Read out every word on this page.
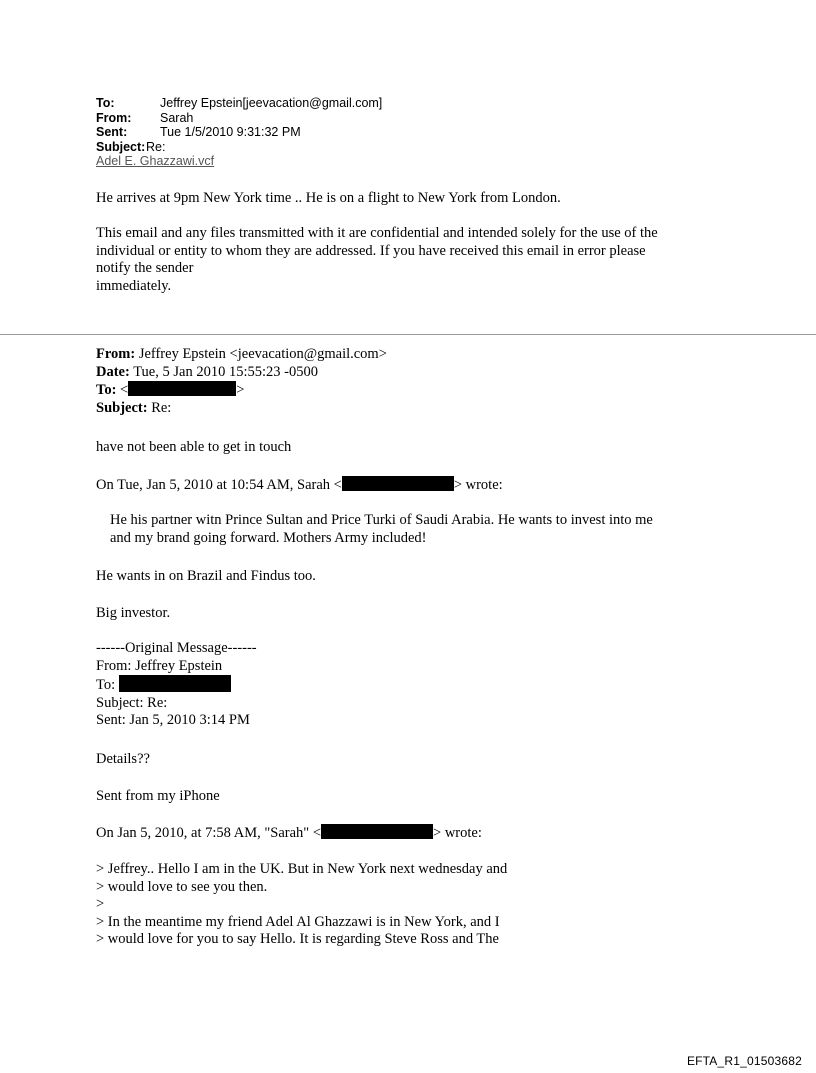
To:	Jeffrey Epstein[jeevacation@gmail.com]
From:	Sarah
Sent:	Tue 1/5/2010 9:31:32 PM
Subject: Re:
Adel E. Ghazzawi.vcf
He arrives at 9pm New York time .. He is on a flight to New York from London.
This email and any files transmitted with it are confidential and intended solely for the use of the
individual or entity to whom they are addressed. If you have received this email in error please
notify the sender
immediately.
From: Jeffrey Epstein <jeevacation@gmail.com>
Date: Tue, 5 Jan 2010 15:55:23 -0500
To: <	>
Subject: Re:
have not been able to get in touch
On Tue, Jan 5, 2010 at 10:54 AM, Sarah <	> wrote:
He his partner witn Prince Sultan and Price Turki of Saudi Arabia. He wants to invest into me
and my brand going forward. Mothers Army included!
He wants in on Brazil and Findus too.
Big investor.
------Original Message------
From: Jeffrey Epstein
To:
Subject: Re:
Sent: Jan 5, 2010 3:14 PM
Details??
Sent from my iPhone
On Jan 5, 2010, at 7:58 AM, "Sarah" <	> wrote:
> Jeffrey.. Hello I am in the UK. But in New York next wednesday and
> would love to see you then.
>
> In the meantime my friend Adel Al Ghazzawi is in New York, and I
> would love for you to say Hello. It is regarding Steve Ross and The
EFTA_R1_01503682
